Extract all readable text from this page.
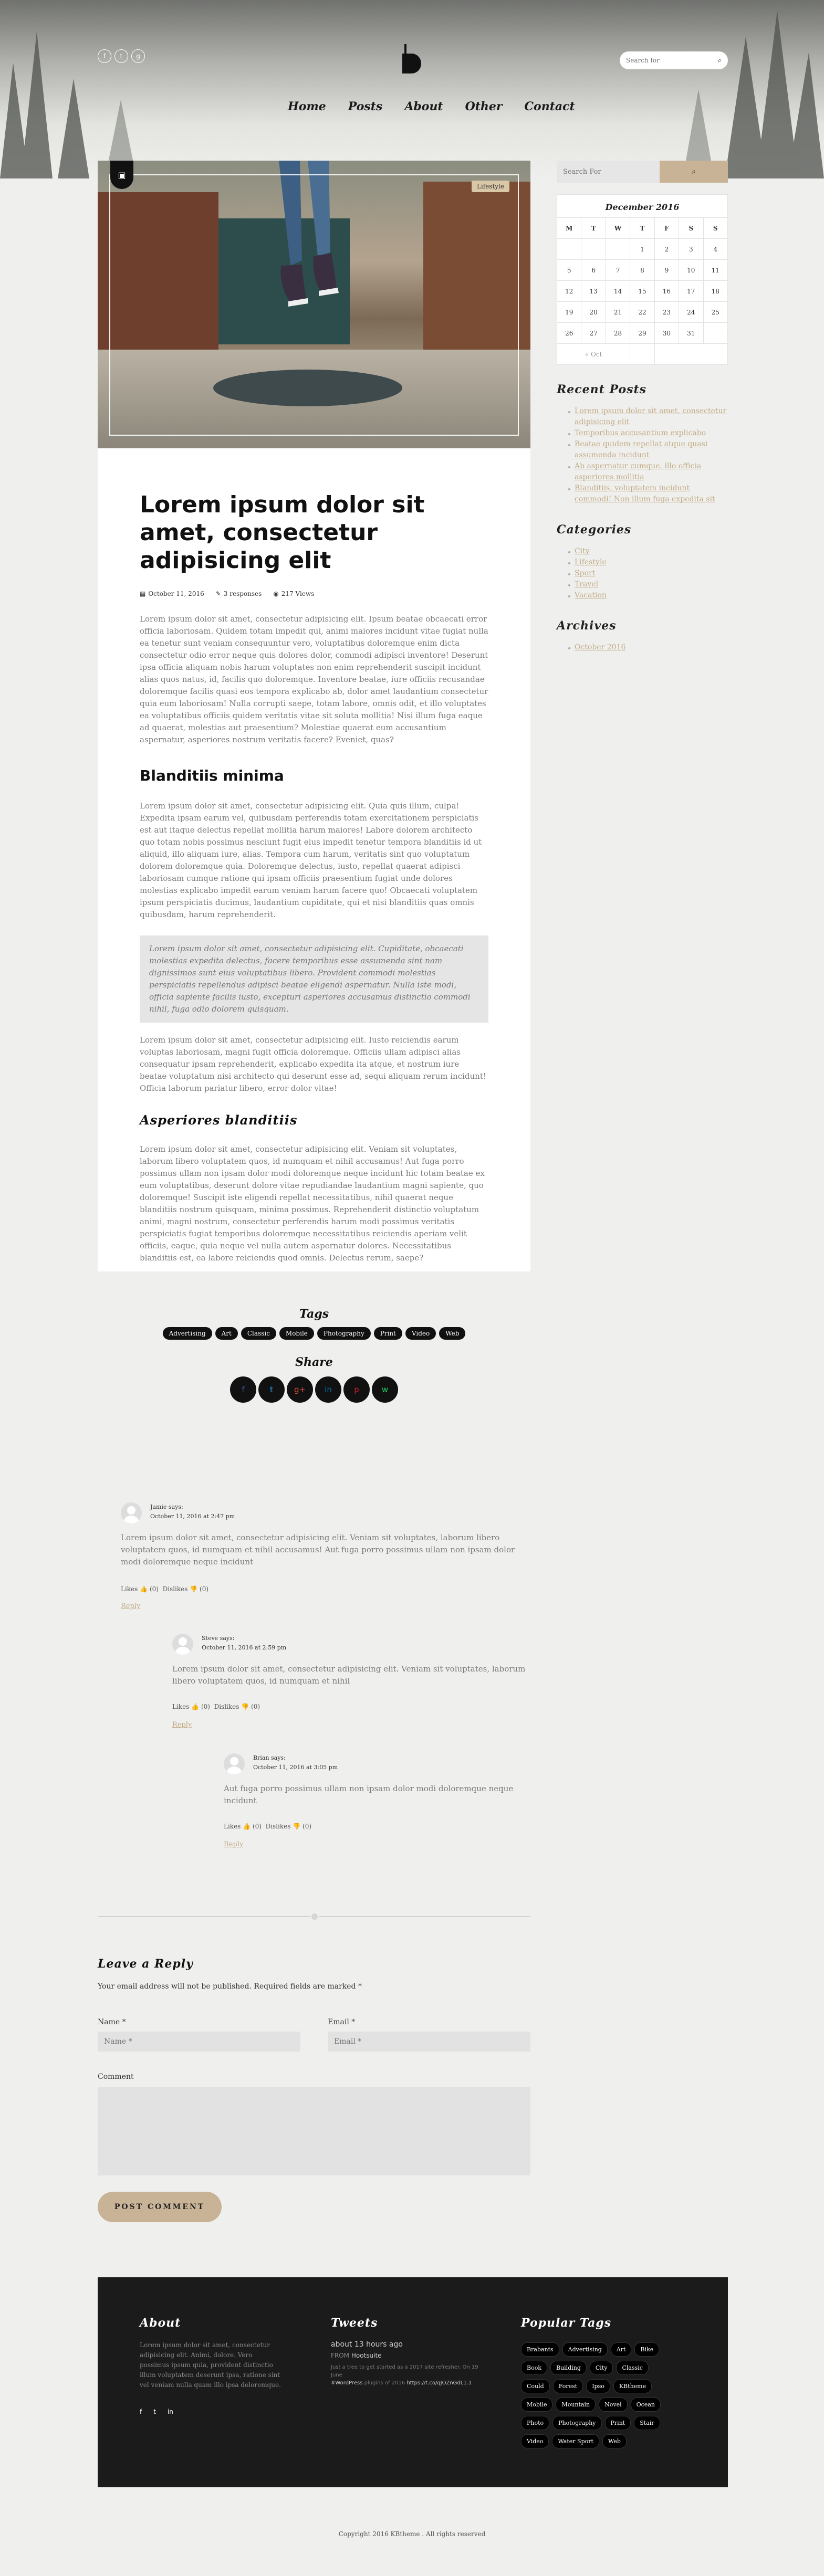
f	t	g
Search for
⌕
Home Posts About Other Contact
▣
Lifestyle
Lorem ipsum dolor sit amet, consectetur adipisicing elit
▦ October 11, 2016 ✎ 3 responses ◉ 217 Views

Lorem ipsum dolor sit amet, consectetur adipisicing elit. Ipsum beatae obcaecati error officia laboriosam. Quidem totam impedit qui, animi maiores incidunt vitae fugiat nulla ea tenetur sunt veniam consequuntur vero, voluptatibus doloremque enim dicta consectetur odio error neque quis dolores dolor, commodi adipisci inventore! Deserunt ipsa officia aliquam nobis harum voluptates non enim reprehenderit suscipit incidunt alias quos natus, id, facilis quo doloremque. Inventore beatae, iure officiis recusandae doloremque facilis quasi eos tempora explicabo ab, dolor amet laudantium consectetur quia eum laboriosam! Nulla corrupti saepe, totam labore, omnis odit, et illo voluptates ea voluptatibus officiis quidem veritatis vitae sit soluta mollitia! Nisi illum fuga eaque ad quaerat, molestias aut praesentium? Molestiae quaerat eum accusantium aspernatur, asperiores nostrum veritatis facere? Eveniet, quas?

Blanditiis minima

Lorem ipsum dolor sit amet, consectetur adipisicing elit. Quia quis illum, culpa! Expedita ipsam earum vel, quibusdam perferendis totam exercitationem perspiciatis est aut itaque delectus repellat mollitia harum maiores! Labore dolorem architecto quo totam nobis possimus nesciunt fugit eius impedit tenetur tempora blanditiis id ut aliquid, illo aliquam iure, alias. Tempora cum harum, veritatis sint quo voluptatum dolorem doloremque quia. Doloremque delectus, iusto, repellat quaerat adipisci laboriosam cumque ratione qui ipsam officiis praesentium fugiat unde dolores molestias explicabo impedit earum veniam harum facere quo! Obcaecati voluptatem ipsum perspiciatis ducimus, laudantium cupiditate, qui et nisi blanditiis quas omnis quibusdam, harum reprehenderit.

Lorem ipsum dolor sit amet, consectetur adipisicing elit. Cupiditate, obcaecati molestias expedita delectus, facere temporibus esse assumenda sint nam dignissimos sunt eius voluptatibus libero. Provident commodi molestias perspiciatis repellendus adipisci beatae eligendi aspernatur. Nulla iste modi, officia sapiente facilis iusto, excepturi asperiores accusamus distinctio commodi nihil, fuga odio dolorem quisquam.

Lorem ipsum dolor sit amet, consectetur adipisicing elit. Iusto reiciendis earum voluptas laboriosam, magni fugit officia doloremque. Officiis ullam adipisci alias consequatur ipsam reprehenderit, explicabo expedita ita atque, et nostrum iure beatae voluptatum nisi architecto qui deserunt esse ad, sequi aliquam rerum incidunt! Officia laborum pariatur libero, error dolor vitae!

Asperiores blanditiis

Lorem ipsum dolor sit amet, consectetur adipisicing elit. Veniam sit voluptates, laborum libero voluptatem quos, id numquam et nihil accusamus! Aut fuga porro possimus ullam non ipsam dolor modi doloremque neque incidunt hic totam beatae ex eum voluptatibus, deserunt dolore vitae repudiandae laudantium magni sapiente, quo doloremque! Suscipit iste eligendi repellat necessitatibus, nihil quaerat neque blanditiis nostrum quisquam, minima possimus. Reprehenderit distinctio voluptatum animi, magni nostrum, consectetur perferendis harum modi possimus veritatis perspiciatis fugiat temporibus doloremque necessitatibus reiciendis aperiam velit officiis, eaque, quia neque vel nulla autem aspernatur dolores. Necessitatibus blanditiis est, ea labore reiciendis quod omnis. Delectus rerum, saepe?

Tags
Advertising	Art	Classic	Mobile	Photography	Print	Video	Web
Share
f	t	g+	in	p	w
Jamie says:
October 11, 2016 at 2:47 pm
Lorem ipsum dolor sit amet, consectetur adipisicing elit. Veniam sit voluptates, laborum libero voluptatem quos, id numquam et nihil accusamus! Aut fuga porro possimus ullam non ipsam dolor modi doloremque neque incidunt
Likes 👍 (0) Dislikes 👎 (0)
Reply
Steve says:
October 11, 2016 at 2:59 pm
Lorem ipsum dolor sit amet, consectetur adipisicing elit. Veniam sit voluptates, laborum libero voluptatem quos, id numquam et nihil
Likes 👍 (0) Dislikes 👎 (0)
Reply
Brian says:
October 11, 2016 at 3:05 pm
Aut fuga porro possimus ullam non ipsam dolor modi doloremque neque incidunt
Likes 👍 (0) Dislikes 👎 (0)
Reply
Leave a Reply
Your email address will not be published. Required fields are marked *
Name *
Name *	Email *
Email *
Comment
POST COMMENT
Search For
⌕
December 2016
M	T	W	T	F	S	S
			1	2	3	4
5	6	7	8	9	10	11
12	13	14	15	16	17	18
19	20	21	22	23	24	25
26	27	28	29	30	31	
« Oct						
Recent Posts
Lorem ipsum dolor sit amet, consectetur adipisicing elit
Temporibus accusantium explicabo
Beatae quidem repellat atque quasi assumenda incidunt
Ab aspernatur cumque, illo officia asperiores mollitia
Blanditiis, voluptatem incidunt commodi! Non illum fuga expedita sit
Categories
City
Lifestyle
Sport
Travel
Vacation
Archives
October 2016
About
Lorem ipsum dolor sit amet, consectetur adipisicing elit. Animi, dolore. Vero possimus ipsum quia, provident distinctio illum voluptatem deserunt ipsa, ratione sint vel veniam nulla quam illo ipsa doloremque.
f t in
Tweets
about 13 hours ago
FROM Hootsuite
Just a tree to get started as a 2017 site refresher. On 19 June
#WordPress plugins of 2016 https://t.co/qJOZnGdL1.1
Popular Tags
Brabants	Advertising	Art	Bike
Book	Building	City	Classic
Could	Forest	Ipso	KBtheme
Mobile	Mountain	Novel	Ocean
Photo	Photography	Print	Stair
Video	Water Sport	Web
Copyright 2016 KBtheme . All rights reserved
